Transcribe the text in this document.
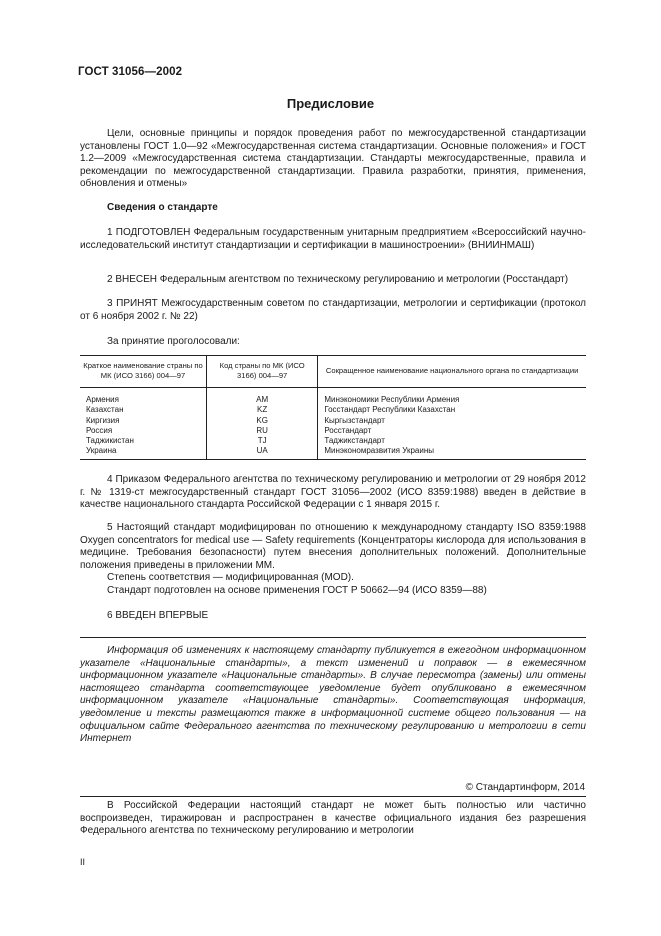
ГОСТ 31056—2002
Предисловие
Цели, основные принципы и порядок проведения работ по межгосударственной стандартизации установлены ГОСТ 1.0—92 «Межгосударственная система стандартизации. Основные положения» и ГОСТ 1.2—2009 «Межгосударственная система стандартизации. Стандарты межгосударственные, правила и рекомендации по межгосударственной стандартизации. Правила разработки, принятия, применения, обновления и отмены»
Сведения о стандарте
1 ПОДГОТОВЛЕН Федеральным государственным унитарным предприятием «Всероссийский научно-исследовательский институт стандартизации и сертификации в машиностроении» (ВНИИНМАШ)
2 ВНЕСЕН Федеральным агентством по техническому регулированию и метрологии (Росстандарт)
3 ПРИНЯТ Межгосударственным советом по стандартизации, метрологии и сертификации (протокол от 6 ноября 2002 г. № 22)
За принятие проголосовали:
Краткое наименование страны по МК (ИСО 3166) 004—97	Код страны по МК (ИСО 3166) 004—97	Сокращенное наименование национального органа по стандартизации
Армения	AM	Минэкономики Республики Армения
Казахстан	KZ	Госстандарт Республики Казахстан
Киргизия	KG	Кыргызстандарт
Россия	RU	Росстандарт
Таджикистан	TJ	Таджикстандарт
Украина	UA	Минэкономразвития Украины
4 Приказом Федерального агентства по техническому регулированию и метрологии от 29 ноября 2012 г. № 1319-ст межгосударственный стандарт ГОСТ 31056—2002 (ИСО 8359:1988) введен в действие в качестве национального стандарта Российской Федерации с 1 января 2015 г.
5 Настоящий стандарт модифицирован по отношению к международному стандарту ISO 8359:1988 Oxygen concentrators for medical use — Safety requirements (Концентраторы кислорода для использования в медицине. Требования безопасности) путем внесения дополнительных положений. Дополнительные положения приведены в приложении ММ.
Степень соответствия — модифицированная (MOD).
Стандарт подготовлен на основе применения ГОСТ Р 50662—94 (ИСО 8359—88)
6 ВВЕДЕН ВПЕРВЫЕ
Информация об изменениях к настоящему стандарту публикуется в ежегодном информационном указателе «Национальные стандарты», а текст изменений и поправок — в ежемесячном информационном указателе «Национальные стандарты». В случае пересмотра (замены) или отмены настоящего стандарта соответствующее уведомление будет опубликовано в ежемесячном информационном указателе «Национальные стандарты». Соответствующая информация, уведомление и тексты размещаются также в информационной системе общего пользования — на официальном сайте Федерального агентства по техническому регулированию и метрологии в сети Интернет
© Стандартинформ, 2014
В Российской Федерации настоящий стандарт не может быть полностью или частично воспроизведен, тиражирован и распространен в качестве официального издания без разрешения Федерального агентства по техническому регулированию и метрологии
II
